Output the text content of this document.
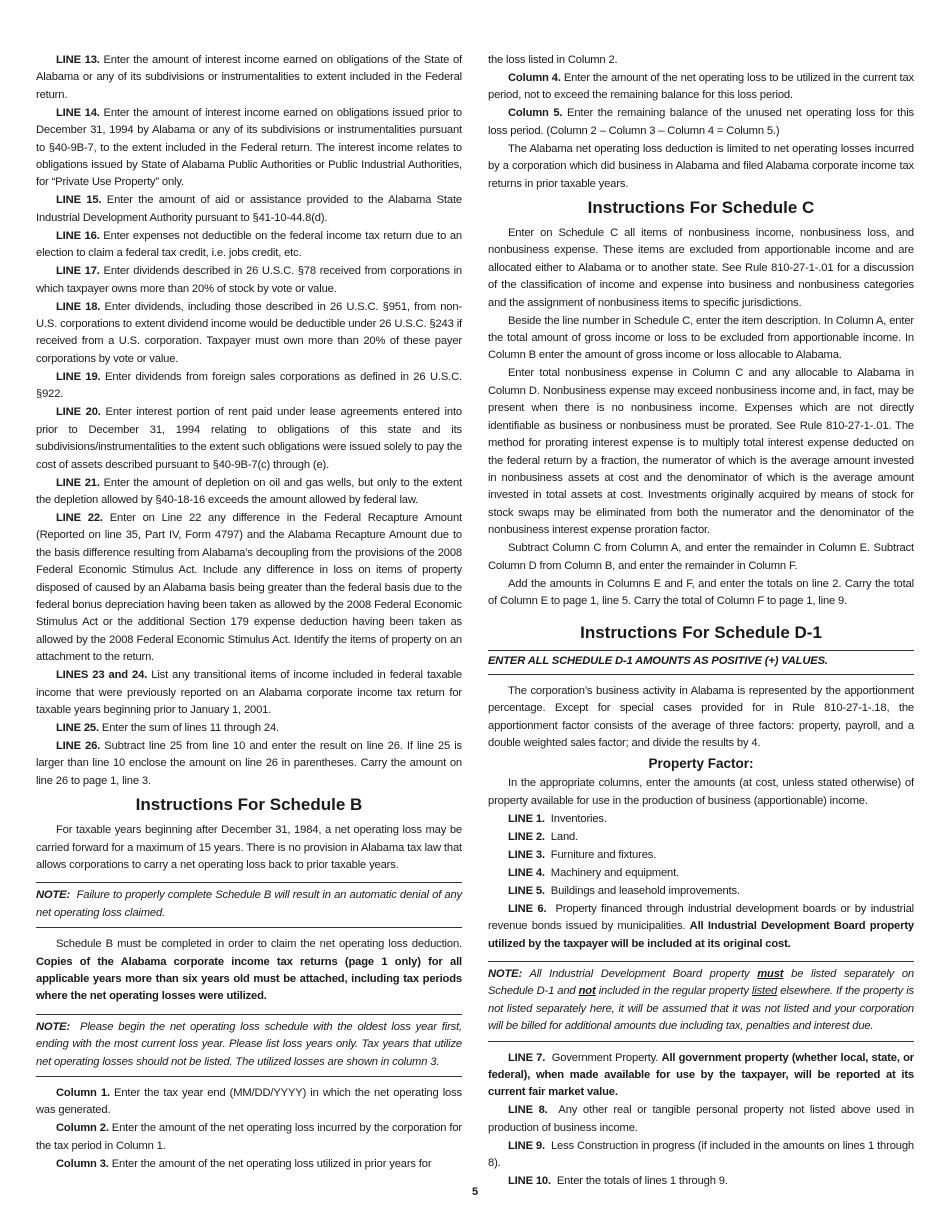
LINE 13. Enter the amount of interest income earned on obligations of the State of Alabama or any of its subdivisions or instrumentalities to extent included in the Federal return.

LINE 14. Enter the amount of interest income earned on obligations issued prior to December 31, 1994 by Alabama or any of its subdivisions or instrumentalities pursuant to §40-9B-7, to the extent included in the Federal return. The interest income relates to obligations issued by State of Alabama Public Authorities or Public Industrial Authorities, for “Private Use Property” only.

LINE 15. Enter the amount of aid or assistance provided to the Alabama State Industrial Development Authority pursuant to §41-10-44.8(d).

LINE 16. Enter expenses not deductible on the federal income tax return due to an election to claim a federal tax credit, i.e. jobs credit, etc.

LINE 17. Enter dividends described in 26 U.S.C. §78 received from corporations in which taxpayer owns more than 20% of stock by vote or value.

LINE 18. Enter dividends, including those described in 26 U.S.C. §951, from non-U.S. corporations to extent dividend income would be deductible under 26 U.S.C. §243 if received from a U.S. corporation. Taxpayer must own more than 20% of these payer corporations by vote or value.

LINE 19. Enter dividends from foreign sales corporations as defined in 26 U.S.C. §922.

LINE 20. Enter interest portion of rent paid under lease agreements entered into prior to December 31, 1994 relating to obligations of this state and its subdivisions/instrumentalities to the extent such obligations were issued solely to pay the cost of assets described pursuant to §40-9B-7(c) through (e).

LINE 21. Enter the amount of depletion on oil and gas wells, but only to the extent the depletion allowed by §40-18-16 exceeds the amount allowed by federal law.

LINE 22. Enter on Line 22 any difference in the Federal Recapture Amount (Reported on line 35, Part IV, Form 4797) and the Alabama Recapture Amount due to the basis difference resulting from Alabama’s decoupling from the provisions of the 2008 Federal Economic Stimulus Act. Include any difference in loss on items of property disposed of caused by an Alabama basis being greater than the federal basis due to the federal bonus depreciation having been taken as allowed by the 2008 Federal Economic Stimulus Act or the additional Section 179 expense deduction having been taken as allowed by the 2008 Federal Economic Stimulus Act. Identify the items of property on an attachment to the return.

LINES 23 and 24. List any transitional items of income included in federal taxable income that were previously reported on an Alabama corporate income tax return for taxable years beginning prior to January 1, 2001.

LINE 25. Enter the sum of lines 11 through 24.

LINE 26. Subtract line 25 from line 10 and enter the result on line 26. If line 25 is larger than line 10 enclose the amount on line 26 in parentheses. Carry the amount on line 26 to page 1, line 3.

Instructions For Schedule B

For taxable years beginning after December 31, 1984, a net operating loss may be carried forward for a maximum of 15 years. There is no provision in Alabama tax law that allows corporations to carry a net operating loss back to prior taxable years.

NOTE: Failure to properly complete Schedule B will result in an automatic denial of any net operating loss claimed.

Schedule B must be completed in order to claim the net operating loss deduction. Copies of the Alabama corporate income tax returns (page 1 only) for all applicable years more than six years old must be attached, including tax periods where the net operating losses were utilized.

NOTE: Please begin the net operating loss schedule with the oldest loss year first, ending with the most current loss year. Please list loss years only. Tax years that utilize net operating losses should not be listed. The utilized losses are shown in column 3.

Column 1. Enter the tax year end (MM/DD/YYYY) in which the net operating loss was generated.

Column 2. Enter the amount of the net operating loss incurred by the corporation for the tax period in Column 1.

Column 3. Enter the amount of the net operating loss utilized in prior years for

the loss listed in Column 2.

Column 4. Enter the amount of the net operating loss to be utilized in the current tax period, not to exceed the remaining balance for this loss period.

Column 5. Enter the remaining balance of the unused net operating loss for this loss period. (Column 2 – Column 3 – Column 4 = Column 5.)

The Alabama net operating loss deduction is limited to net operating losses incurred by a corporation which did business in Alabama and filed Alabama corporate income tax returns in prior taxable years.

Instructions For Schedule C

Enter on Schedule C all items of nonbusiness income, nonbusiness loss, and nonbusiness expense. These items are excluded from apportionable income and are allocated either to Alabama or to another state. See Rule 810-27-1-.01 for a discussion of the classification of income and expense into business and nonbusiness categories and the assignment of nonbusiness items to specific jurisdictions.

Beside the line number in Schedule C, enter the item description. In Column A, enter the total amount of gross income or loss to be excluded from apportionable income. In Column B enter the amount of gross income or loss allocable to Alabama.

Enter total nonbusiness expense in Column C and any allocable to Alabama in Column D. Nonbusiness expense may exceed nonbusiness income and, in fact, may be present when there is no nonbusiness income. Expenses which are not directly identifiable as business or nonbusiness must be prorated. See Rule 810-27-1-.01. The method for prorating interest expense is to multiply total interest expense deducted on the federal return by a fraction, the numerator of which is the average amount invested in nonbusiness assets at cost and the denominator of which is the average amount invested in total assets at cost. Investments originally acquired by means of stock for stock swaps may be eliminated from both the numerator and the denominator of the nonbusiness interest expense proration factor.

Subtract Column C from Column A, and enter the remainder in Column E. Subtract Column D from Column B, and enter the remainder in Column F.

Add the amounts in Columns E and F, and enter the totals on line 2. Carry the total of Column E to page 1, line 5. Carry the total of Column F to page 1, line 9.

Instructions For Schedule D-1
ENTER ALL SCHEDULE D-1 AMOUNTS AS POSITIVE (+) VALUES.

The corporation’s business activity in Alabama is represented by the apportionment percentage. Except for special cases provided for in Rule 810-27-1-.18, the apportionment factor consists of the average of three factors: property, payroll, and a double weighted sales factor; and divide the results by 4.

Property Factor:

In the appropriate columns, enter the amounts (at cost, unless stated otherwise) of property available for use in the production of business (apportionable) income.

LINE 1. Inventories.

LINE 2. Land.

LINE 3. Furniture and fixtures.

LINE 4. Machinery and equipment.

LINE 5. Buildings and leasehold improvements.

LINE 6. Property financed through industrial development boards or by industrial revenue bonds issued by municipalities. All Industrial Development Board property utilized by the taxpayer will be included at its original cost.

NOTE: All Industrial Development Board property must be listed separately on Schedule D-1 and not included in the regular property listed elsewhere. If the property is not listed separately here, it will be assumed that it was not listed and your corporation will be billed for additional amounts due including tax, penalties and interest due.

LINE 7. Government Property. All government property (whether local, state, or federal), when made available for use by the taxpayer, will be reported at its current fair market value.

LINE 8. Any other real or tangible personal property not listed above used in production of business income.

LINE 9. Less Construction in progress (if included in the amounts on lines 1 through 8).

LINE 10. Enter the totals of lines 1 through 9.

5
